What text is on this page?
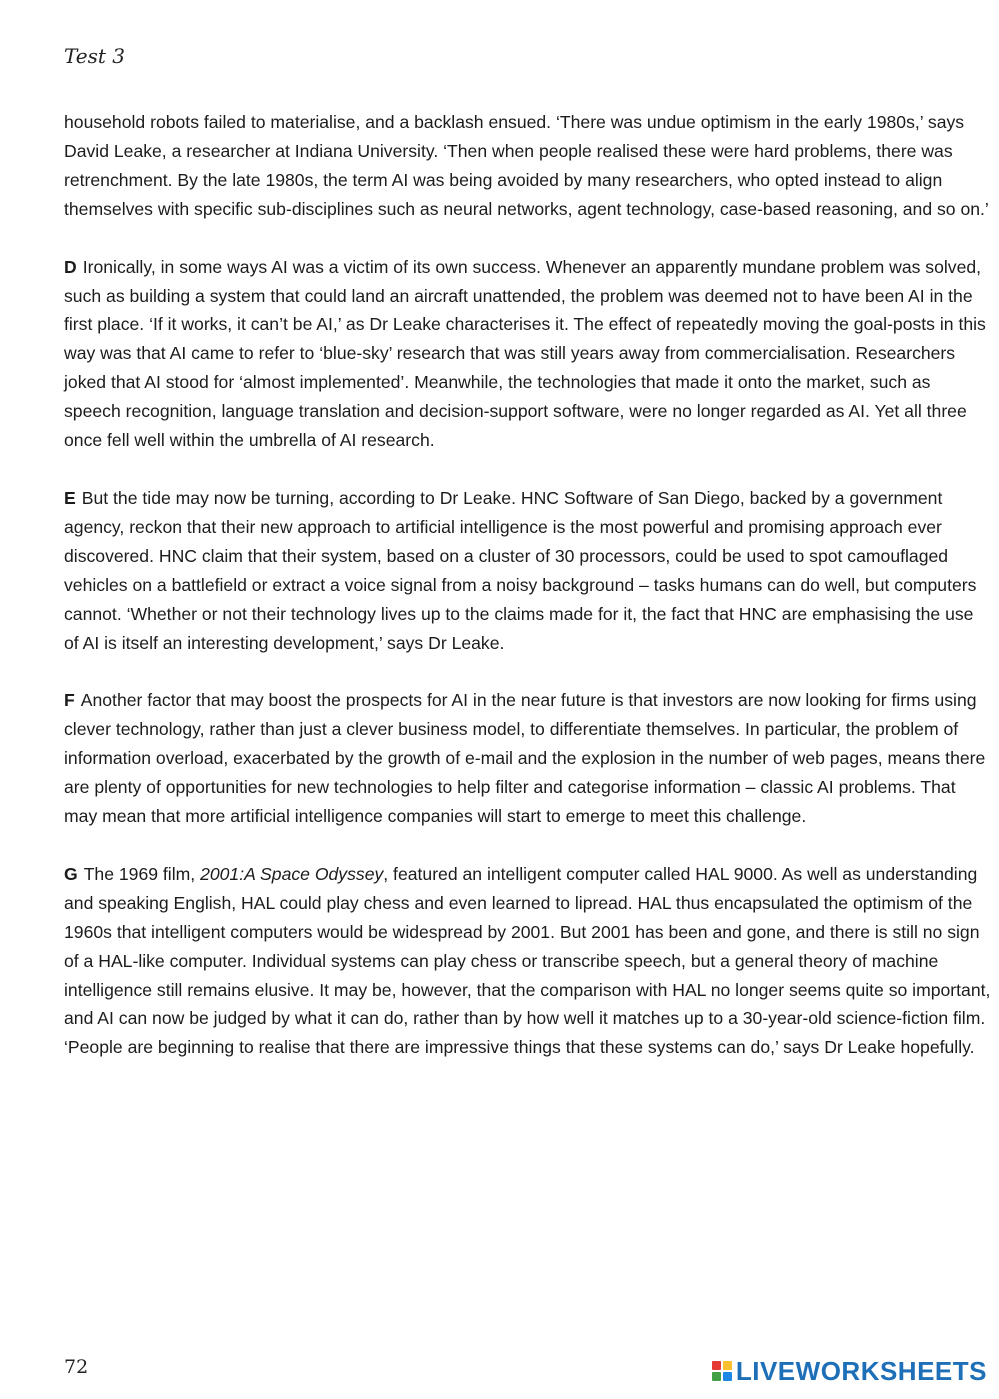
Test 3

household robots failed to materialise, and a backlash ensued. ‘There was undue optimism in the early 1980s,’ says David Leake, a researcher at Indiana University. ‘Then when people realised these were hard problems, there was retrenchment. By the late 1980s, the term AI was being avoided by many researchers, who opted instead to align themselves with specific sub-disciplines such as neural networks, agent technology, case-based reasoning, and so on.’

D Ironically, in some ways AI was a victim of its own success. Whenever an apparently mundane problem was solved, such as building a system that could land an aircraft unattended, the problem was deemed not to have been AI in the first place. ‘If it works, it can’t be AI,’ as Dr Leake characterises it. The effect of repeatedly moving the goal-posts in this way was that AI came to refer to ‘blue-sky’ research that was still years away from commercialisation. Researchers joked that AI stood for ‘almost implemented’. Meanwhile, the technologies that made it onto the market, such as speech recognition, language translation and decision-support software, were no longer regarded as AI. Yet all three once fell well within the umbrella of AI research.

E But the tide may now be turning, according to Dr Leake. HNC Software of San Diego, backed by a government agency, reckon that their new approach to artificial intelligence is the most powerful and promising approach ever discovered. HNC claim that their system, based on a cluster of 30 processors, could be used to spot camouflaged vehicles on a battlefield or extract a voice signal from a noisy background – tasks humans can do well, but computers cannot. ‘Whether or not their technology lives up to the claims made for it, the fact that HNC are emphasising the use of AI is itself an interesting development,’ says Dr Leake.

F Another factor that may boost the prospects for AI in the near future is that investors are now looking for firms using clever technology, rather than just a clever business model, to differentiate themselves. In particular, the problem of information overload, exacerbated by the growth of e-mail and the explosion in the number of web pages, means there are plenty of opportunities for new technologies to help filter and categorise information – classic AI problems. That may mean that more artificial intelligence companies will start to emerge to meet this challenge.

G The 1969 film, 2001:A Space Odyssey, featured an intelligent computer called HAL 9000. As well as understanding and speaking English, HAL could play chess and even learned to lipread. HAL thus encapsulated the optimism of the 1960s that intelligent computers would be widespread by 2001. But 2001 has been and gone, and there is still no sign of a HAL-like computer. Individual systems can play chess or transcribe speech, but a general theory of machine intelligence still remains elusive. It may be, however, that the comparison with HAL no longer seems quite so important, and AI can now be judged by what it can do, rather than by how well it matches up to a 30-year-old science-fiction film. ‘People are beginning to realise that there are impressive things that these systems can do,’ says Dr Leake hopefully.

72	LIVEWORKSHEETS
